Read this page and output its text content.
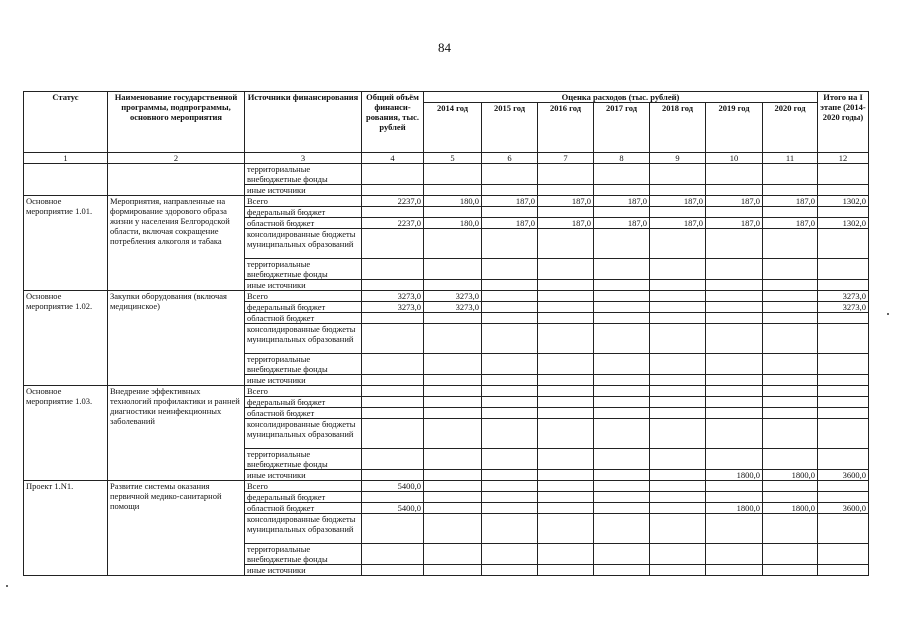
84
Статус	Наименование государственной программы, подпрограммы, основного мероприятия	Источники финансирования	Общий объём финанси-рования, тыс. рублей	Оценка расходов (тыс. рублей)							Итого на I этапе (2014-2020 годы)
				2014 год	2015 год	2016 год	2017 год	2018 год	2019 год	2020 год	
1	2	3	4	5	6	7	8	9	10	11	12
		территориальные внебюджетные фонды									
		иные источники									
Основное мероприятие 1.01.	Мероприятия, направленные на формирование здорового образа жизни у населения Белгородской области, включая сокращение потребления алкоголя и табака	Всего	2237,0	180,0	187,0	187,0	187,0	187,0	187,0	187,0	1302,0
		федеральный бюджет									
		областной бюджет	2237,0	180,0	187,0	187,0	187,0	187,0	187,0	187,0	1302,0
		консолидированные бюджеты муниципальных образований									
		территориальные внебюджетные фонды									
		иные источники									
Основное мероприятие 1.02.	Закупки оборудования (включая медицинское)	Всего	3273,0	3273,0							3273,0
		федеральный бюджет	3273,0	3273,0							3273,0
		областной бюджет									
		консолидированные бюджеты муниципальных образований									
		территориальные внебюджетные фонды									
		иные источники									
Основное мероприятие 1.03.	Внедрение эффективных технологий профилактики и ранней диагностики неинфекционных заболеваний	Всего									
		федеральный бюджет									
		областной бюджет									
		консолидированные бюджеты муниципальных образований									
		территориальные внебюджетные фонды									
		иные источники							1800,0	1800,0	3600,0
Проект 1.N1.	Развитие системы оказания первичной медико-санитарной помощи	Всего	5400,0								
		федеральный бюджет									
		областной бюджет	5400,0						1800,0	1800,0	3600,0
		консолидированные бюджеты муниципальных образований									
		территориальные внебюджетные фонды									
		иные источники									
